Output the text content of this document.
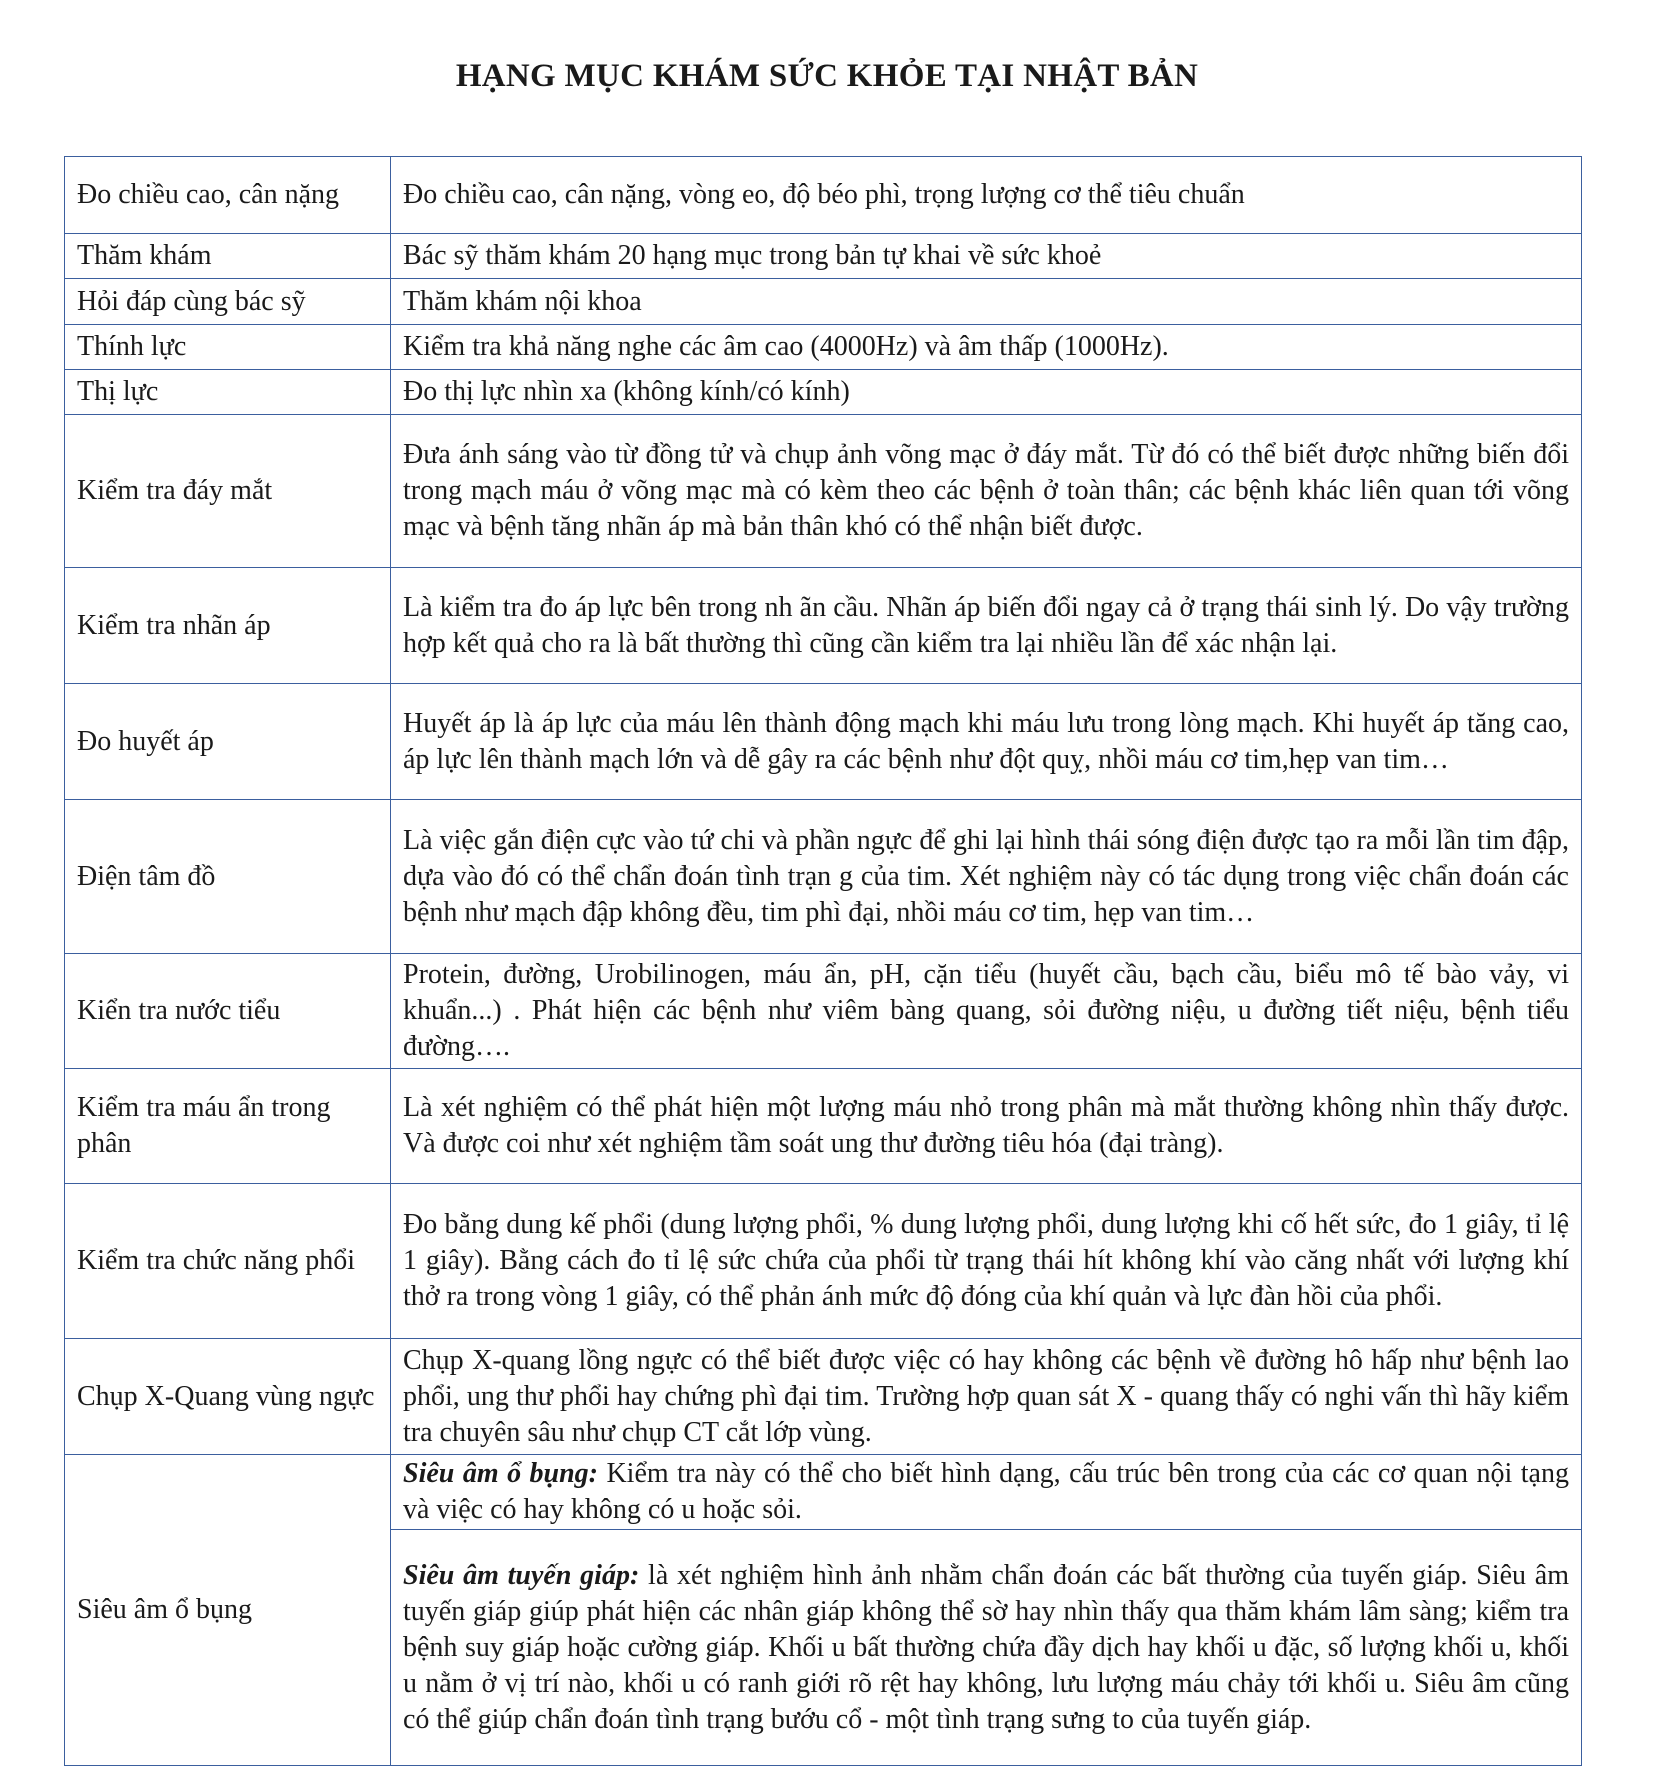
HẠNG MỤC KHÁM SỨC KHỎE TẠI NHẬT BẢN
Đo chiều cao, cân nặng	Đo chiều cao, cân nặng, vòng eo, độ béo phì, trọng lượng cơ thể tiêu chuẩn
Thăm khám	Bác sỹ thăm khám 20 hạng mục trong bản tự khai về sức khoẻ
Hỏi đáp cùng bác sỹ	Thăm khám nội khoa
Thính lực	Kiểm tra khả năng nghe các âm cao (4000Hz) và âm thấp (1000Hz).
Thị lực	Đo thị lực nhìn xa (không kính/có kính)
Kiểm tra đáy mắt	Đưa ánh sáng vào từ đồng tử và chụp ảnh võng mạc ở đáy mắt. Từ đó có thể biết được những biến đổi trong mạch máu ở võng mạc mà có kèm theo các bệnh ở toàn thân; các bệnh khác liên quan tới võng mạc và bệnh tăng nhãn áp mà bản thân khó có thể nhận biết được.
Kiểm tra nhãn áp	Là kiểm tra đo áp lực bên trong nh ãn cầu. Nhãn áp biến đổi ngay cả ở trạng thái sinh lý. Do vậy trường hợp kết quả cho ra là bất thường thì cũng cần kiểm tra lại nhiều lần để xác nhận lại.
Đo huyết áp	Huyết áp là áp lực của máu lên thành động mạch khi máu lưu trong lòng mạch. Khi huyết áp tăng cao, áp lực lên thành mạch lớn và dễ gây ra các bệnh như đột quỵ, nhồi máu cơ tim,hẹp van tim…
Điện tâm đồ	Là việc gắn điện cực vào tứ chi và phần ngực để ghi lại hình thái sóng điện được tạo ra mỗi lần tim đập, dựa vào đó có thể chẩn đoán tình trạn g của tim. Xét nghiệm này có tác dụng trong việc chẩn đoán các bệnh như mạch đập không đều, tim phì đại, nhồi máu cơ tim, hẹp van tim…
Kiển tra nước tiểu	Protein, đường, Urobilinogen, máu ẩn, pH, cặn tiểu (huyết cầu, bạch cầu, biểu mô tế bào vảy, vi khuẩn...) . Phát hiện các bệnh như viêm bàng quang, sỏi đường niệu, u đường tiết niệu, bệnh tiểu đường….
Kiểm tra máu ẩn trong phân	Là xét nghiệm có thể phát hiện một lượng máu nhỏ trong phân mà mắt thường không nhìn thấy được. Và được coi như xét nghiệm tầm soát ung thư đường tiêu hóa (đại tràng).
Kiểm tra chức năng phổi	Đo bằng dung kế phổi (dung lượng phổi, % dung lượng phổi, dung lượng khi cố hết sức, đo 1 giây, tỉ lệ 1 giây). Bằng cách đo tỉ lệ sức chứa của phổi từ trạng thái hít không khí vào căng nhất với lượng khí thở ra trong vòng 1 giây, có thể phản ánh mức độ đóng của khí quản và lực đàn hồi của phổi.
Chụp X-Quang vùng ngực	Chụp X-quang lồng ngực có thể biết được việc có hay không các bệnh về đường hô hấp như bệnh lao phổi, ung thư phổi hay chứng phì đại tim. Trường hợp quan sát X - quang thấy có nghi vấn thì hãy kiểm tra chuyên sâu như chụp CT cắt lớp vùng.
Siêu âm ổ bụng	Siêu âm ổ bụng: Kiểm tra này có thể cho biết hình dạng, cấu trúc bên trong của các cơ quan nội tạng và việc có hay không có u hoặc sỏi.
	Siêu âm tuyến giáp: là xét nghiệm hình ảnh nhằm chẩn đoán các bất thường của tuyến giáp. Siêu âm tuyến giáp giúp phát hiện các nhân giáp không thể sờ hay nhìn thấy qua thăm khám lâm sàng; kiểm tra bệnh suy giáp hoặc cường giáp. Khối u bất thường chứa đầy dịch hay khối u đặc, số lượng khối u, khối u nằm ở vị trí nào, khối u có ranh giới rõ rệt hay không, lưu lượng máu chảy tới khối u. Siêu âm cũng có thể giúp chẩn đoán tình trạng bướu cổ - một tình trạng sưng to của tuyến giáp.
